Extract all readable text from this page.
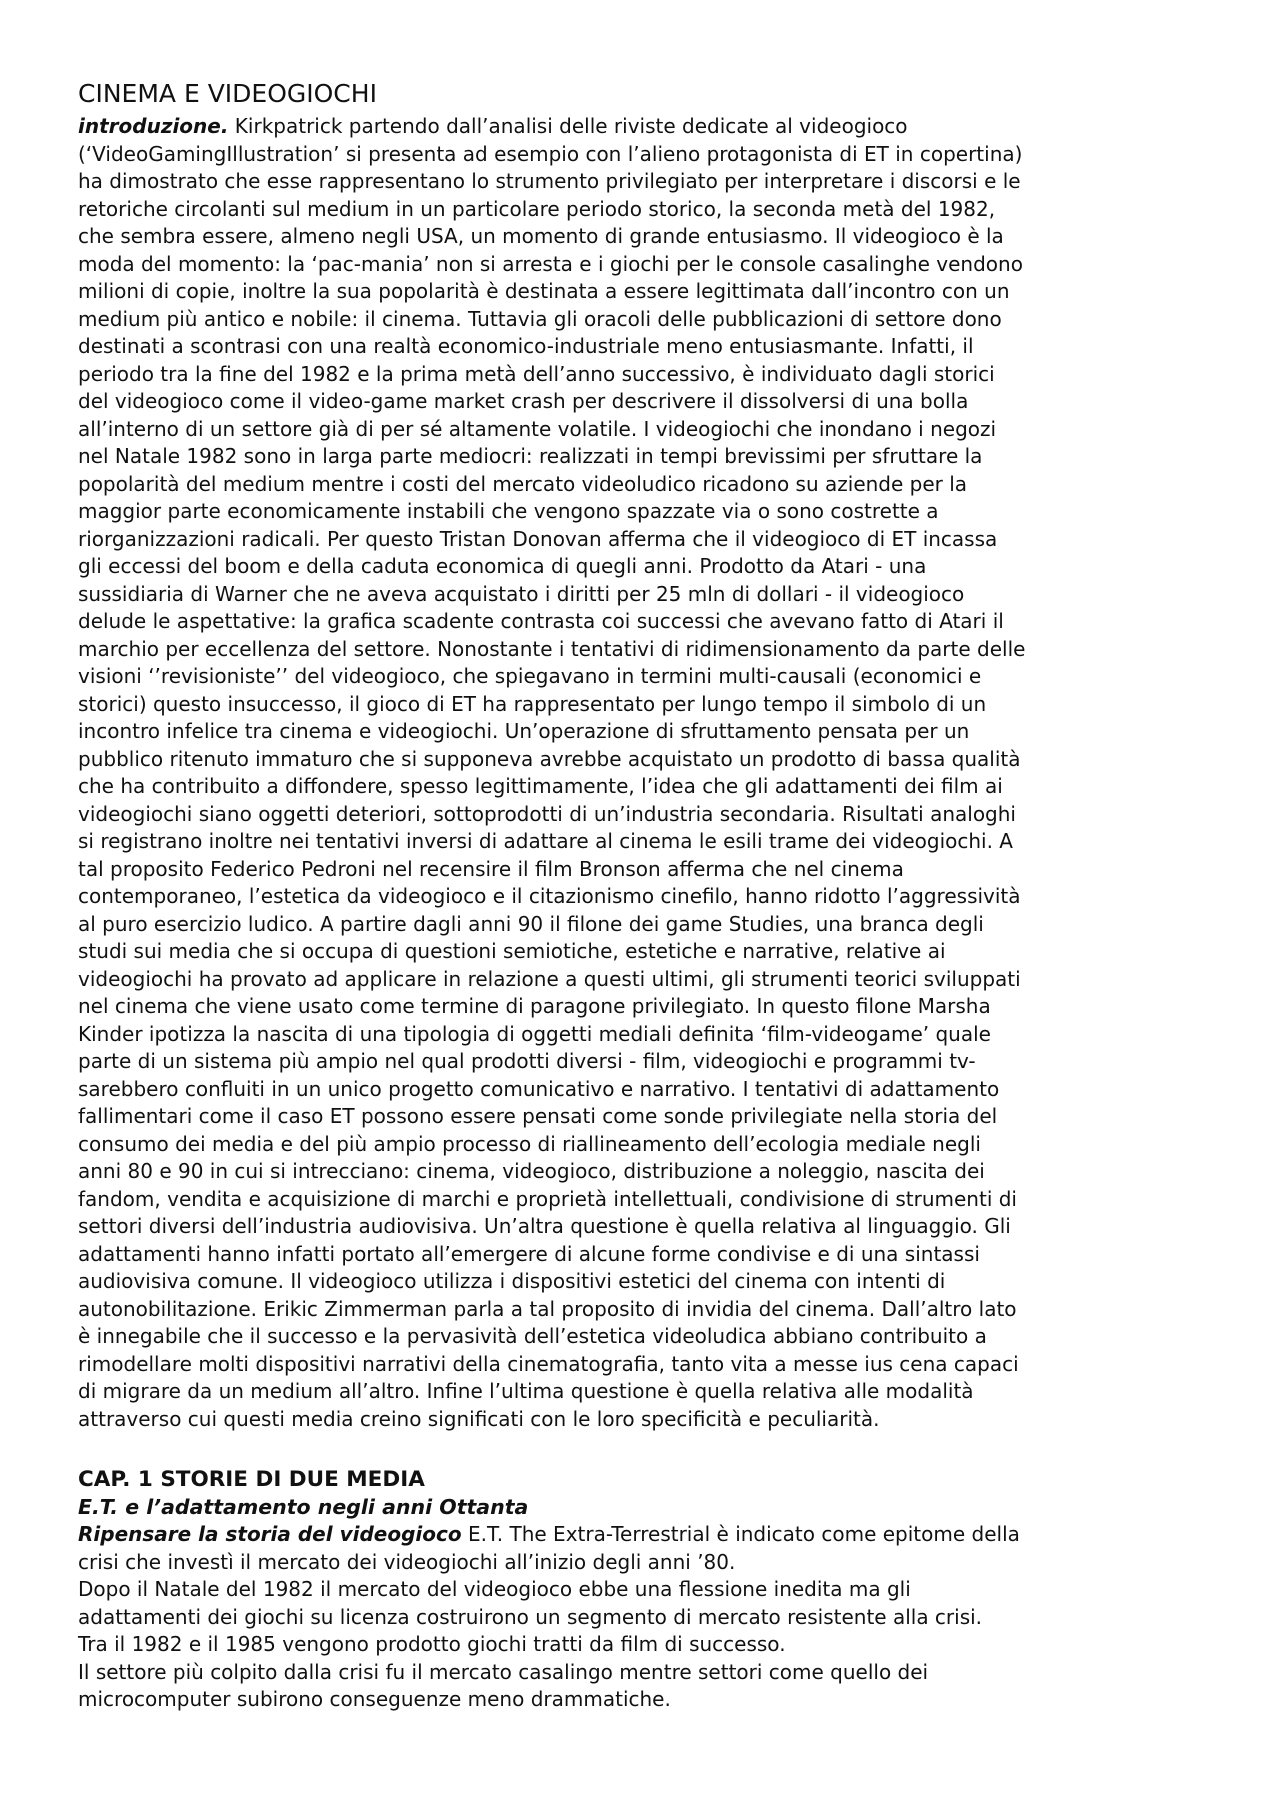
CINEMA E VIDEOGIOCHI
introduzione. Kirkpatrick partendo dall’analisi delle riviste dedicate al videogioco
(‘VideoGamingIllustration’ si presenta ad esempio con l’alieno protagonista di ET in copertina)
ha dimostrato che esse rappresentano lo strumento privilegiato per interpretare i discorsi e le
retoriche circolanti sul medium in un particolare periodo storico, la seconda metà del 1982,
che sembra essere, almeno negli USA, un momento di grande entusiasmo. Il videogioco è la
moda del momento: la ‘pac-mania’ non si arresta e i giochi per le console casalinghe vendono
milioni di copie, inoltre la sua popolarità è destinata a essere legittimata dall’incontro con un
medium più antico e nobile: il cinema. Tuttavia gli oracoli delle pubblicazioni di settore dono
destinati a scontrasi con una realtà economico-industriale meno entusiasmante. Infatti, il
periodo tra la fine del 1982 e la prima metà dell’anno successivo, è individuato dagli storici
del videogioco come il video-game market crash per descrivere il dissolversi di una bolla
all’interno di un settore già di per sé altamente volatile. I videogiochi che inondano i negozi
nel Natale 1982 sono in larga parte mediocri: realizzati in tempi brevissimi per sfruttare la
popolarità del medium mentre i costi del mercato videoludico ricadono su aziende per la
maggior parte economicamente instabili che vengono spazzate via o sono costrette a
riorganizzazioni radicali. Per questo Tristan Donovan afferma che il videogioco di ET incassa
gli eccessi del boom e della caduta economica di quegli anni. Prodotto da Atari - una
sussidiaria di Warner che ne aveva acquistato i diritti per 25 mln di dollari - il videogioco
delude le aspettative: la grafica scadente contrasta coi successi che avevano fatto di Atari il
marchio per eccellenza del settore. Nonostante i tentativi di ridimensionamento da parte delle
visioni ‘’revisioniste’’ del videogioco, che spiegavano in termini multi-causali (economici e
storici) questo insuccesso, il gioco di ET ha rappresentato per lungo tempo il simbolo di un
incontro infelice tra cinema e videogiochi. Un’operazione di sfruttamento pensata per un
pubblico ritenuto immaturo che si supponeva avrebbe acquistato un prodotto di bassa qualità
che ha contribuito a diffondere, spesso legittimamente, l’idea che gli adattamenti dei film ai
videogiochi siano oggetti deteriori, sottoprodotti di un’industria secondaria. Risultati analoghi
si registrano inoltre nei tentativi inversi di adattare al cinema le esili trame dei videogiochi. A
tal proposito Federico Pedroni nel recensire il film Bronson afferma che nel cinema
contemporaneo, l’estetica da videogioco e il citazionismo cinefilo, hanno ridotto l’aggressività
al puro esercizio ludico. A partire dagli anni 90 il filone dei game Studies, una branca degli
studi sui media che si occupa di questioni semiotiche, estetiche e narrative, relative ai
videogiochi ha provato ad applicare in relazione a questi ultimi, gli strumenti teorici sviluppati
nel cinema che viene usato come termine di paragone privilegiato. In questo filone Marsha
Kinder ipotizza la nascita di una tipologia di oggetti mediali definita ‘film-videogame’ quale
parte di un sistema più ampio nel qual prodotti diversi - film, videogiochi e programmi tv-
sarebbero confluiti in un unico progetto comunicativo e narrativo. I tentativi di adattamento
fallimentari come il caso ET possono essere pensati come sonde privilegiate nella storia del
consumo dei media e del più ampio processo di riallineamento dell’ecologia mediale negli
anni 80 e 90 in cui si intrecciano: cinema, videogioco, distribuzione a noleggio, nascita dei
fandom, vendita e acquisizione di marchi e proprietà intellettuali, condivisione di strumenti di
settori diversi dell’industria audiovisiva. Un’altra questione è quella relativa al linguaggio. Gli
adattamenti hanno infatti portato all’emergere di alcune forme condivise e di una sintassi
audiovisiva comune. Il videogioco utilizza i dispositivi estetici del cinema con intenti di
autonobilitazione. Erikic Zimmerman parla a tal proposito di invidia del cinema. Dall’altro lato
è innegabile che il successo e la pervasività dell’estetica videoludica abbiano contribuito a
rimodellare molti dispositivi narrativi della cinematografia, tanto vita a messe ius cena capaci
di migrare da un medium all’altro. Infine l’ultima questione è quella relativa alle modalità
attraverso cui questi media creino significati con le loro specificità e peculiarità.
CAP. 1 STORIE DI DUE MEDIA
E.T. e l’adattamento negli anni Ottanta
Ripensare la storia del videogioco E.T. The Extra-Terrestrial è indicato come epitome della
crisi che investì il mercato dei videogiochi all’inizio degli anni ’80.
Dopo il Natale del 1982 il mercato del videogioco ebbe una flessione inedita ma gli
adattamenti dei giochi su licenza costruirono un segmento di mercato resistente alla crisi.
Tra il 1982 e il 1985 vengono prodotto giochi tratti da film di successo.
Il settore più colpito dalla crisi fu il mercato casalingo mentre settori come quello dei
microcomputer subirono conseguenze meno drammatiche.
